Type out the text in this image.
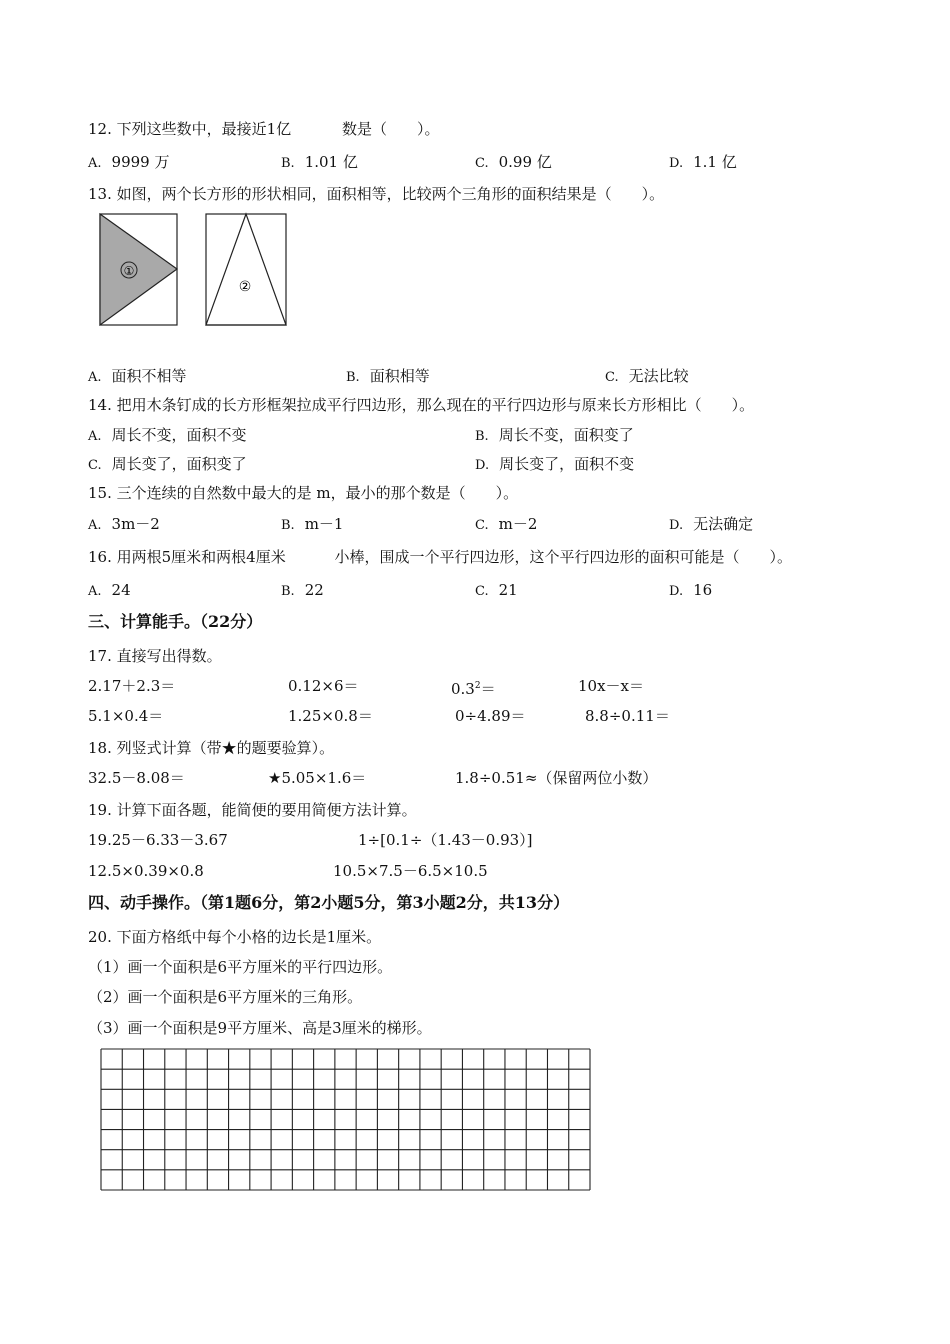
12. 下列这些数中，最接近1亿	数是（　　）。
A. 9999 万	B. 1.01 亿	C. 0.99 亿	D. 1.1 亿
13. 如图，两个长方形的形状相同，面积相等，比较两个三角形的面积结果是（　　）。
①
②
A. 面积不相等	B. 面积相等	C. 无法比较
14. 把用木条钉成的长方形框架拉成平行四边形，那么现在的平行四边形与原来长方形相比（　　）。
A. 周长不变，面积不变	B. 周长不变，面积变了
C. 周长变了，面积变了	D. 周长变了，面积不变
15. 三个连续的自然数中最大的是 m，最小的那个数是（　　）。
A. 3m－2	B. m－1	C. m－2	D. 无法确定
16. 用两根5厘米和两根4厘米	小棒，围成一个平行四边形，这个平行四边形的面积可能是（　　）。
A. 24	B. 22	C. 21	D. 16
三、计算能手。（22分）
17. 直接写出得数。
2.17＋2.3＝	0.12×6＝	$0.3^2=$	10x－x＝
5.1×0.4＝	1.25×0.8＝	0÷4.89＝	8.8÷0.11＝
18. 列竖式计算（带★的题要验算）。
32.5－8.08＝	★5.05×1.6＝	1.8÷0.51≈（保留两位小数）
19. 计算下面各题，能简便的要用简便方法计算。
19.25－6.33－3.67	1÷[0.1÷（1.43－0.93）]
12.5×0.39×0.8	10.5×7.5－6.5×10.5
四、动手操作。（第1题6分，第2小题5分，第3小题2分，共13分）
20. 下面方格纸中每个小格的边长是1厘米。
（1）画一个面积是6平方厘米的平行四边形。
（2）画一个面积是6平方厘米的三角形。
（3）画一个面积是9平方厘米、高是3厘米的梯形。
